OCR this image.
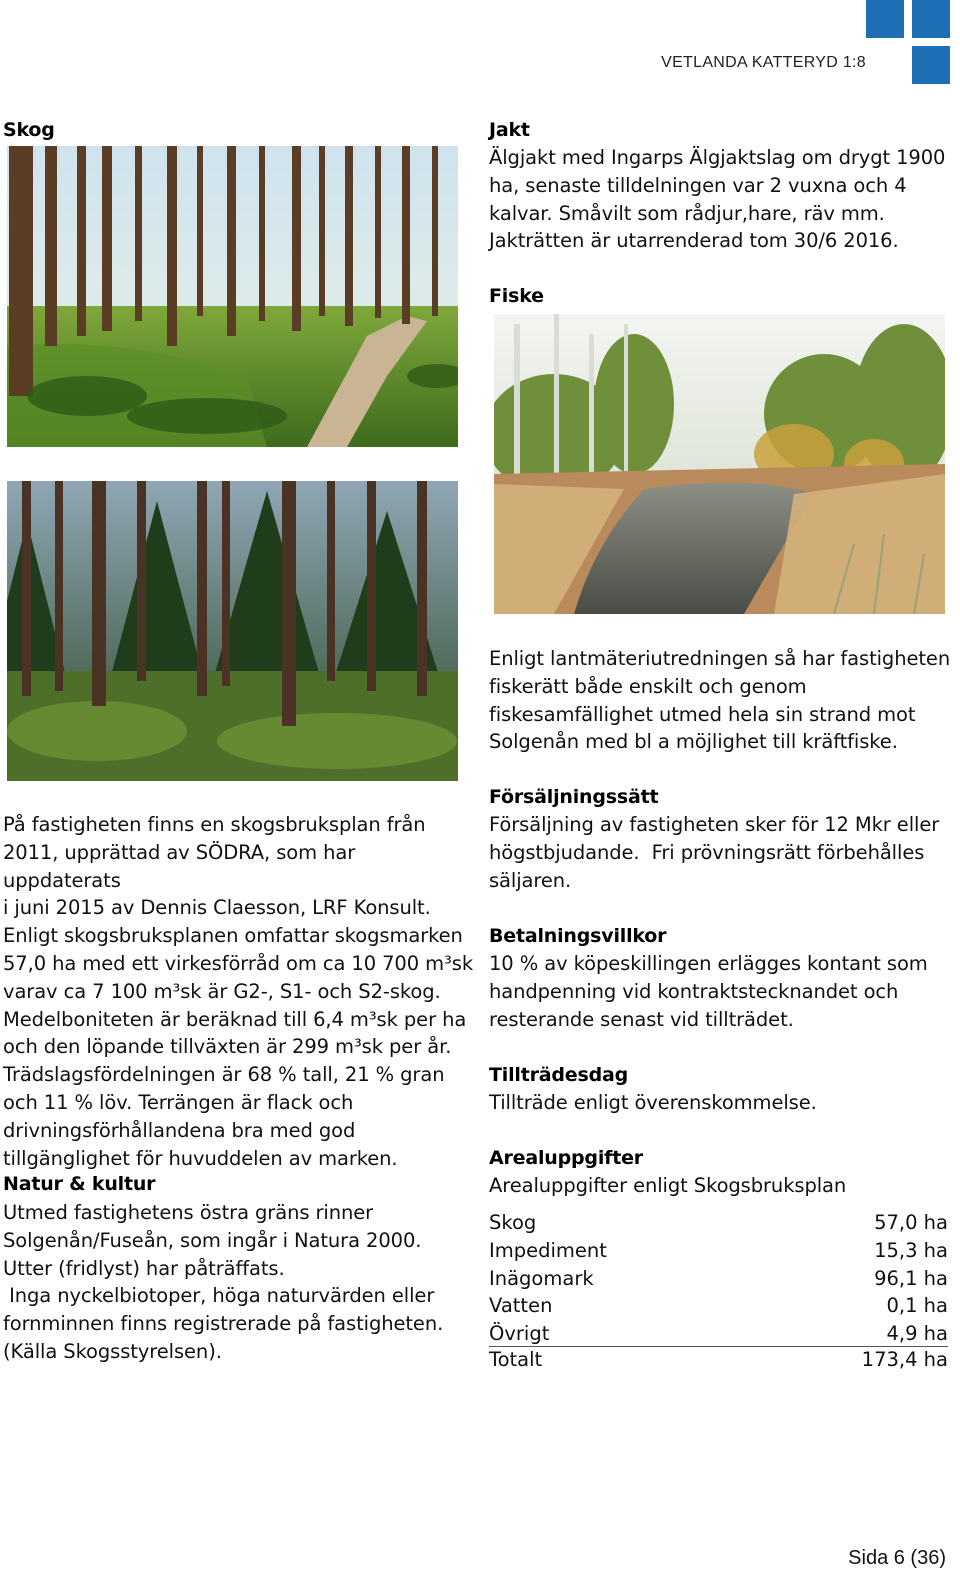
VETLANDA KATTERYD 1:8
Skog

På fastigheten finns en skogsbruksplan från

2011, upprättad av SÖDRA, som har uppdaterats

i juni 2015 av Dennis Claesson, LRF Konsult.

Enligt skogsbruksplanen omfattar skogsmarken

57,0 ha med ett virkesförråd om ca 10 700 m³sk

varav ca 7 100 m³sk är G2-, S1- och S2-skog.

Medelboniteten är beräknad till 6,4 m³sk per ha

och den löpande tillväxten är 299 m³sk per år.

Trädslagsfördelningen är 68 % tall, 21 % gran

och 11 % löv. Terrängen är flack och

drivningsförhållandena bra med god

tillgänglighet för huvuddelen av marken.

Natur & kultur

Utmed fastighetens östra gräns rinner

Solgenån/Fuseån, som ingår i Natura 2000.

Utter (fridlyst) har påträffats.

Inga nyckelbiotoper, höga naturvärden eller

fornminnen finns registrerade på fastigheten.

(Källa Skogsstyrelsen).

Jakt

Älgjakt med Ingarps Älgjaktslag om drygt 1900

ha, senaste tilldelningen var 2 vuxna och 4

kalvar. Småvilt som rådjur,hare, räv mm.

Jakträtten är utarrenderad tom 30/6 2016.

Fiske

Enligt lantmäteriutredningen så har fastigheten

fiskerätt både enskilt och genom

fiskesamfällighet utmed hela sin strand mot

Solgenån med bl a möjlighet till kräftfiske.

Försäljningssätt

Försäljning av fastigheten sker för 12 Mkr eller

högstbjudande.  Fri prövningsrätt förbehålles

säljaren.

Betalningsvillkor

10 % av köpeskillingen erlägges kontant som

handpenning vid kontraktstecknandet och

resterande senast vid tillträdet.

Tillträdesdag

Tillträde enligt överenskommelse.

Arealuppgifter
Arealuppgifter enligt Skogsbruksplan
Skog	57,0 ha
Impediment	15,3 ha
Inägomark	96,1 ha
Vatten	0,1 ha
Övrigt	4,9 ha
Totalt	173,4 ha
Sida 6 (36)
